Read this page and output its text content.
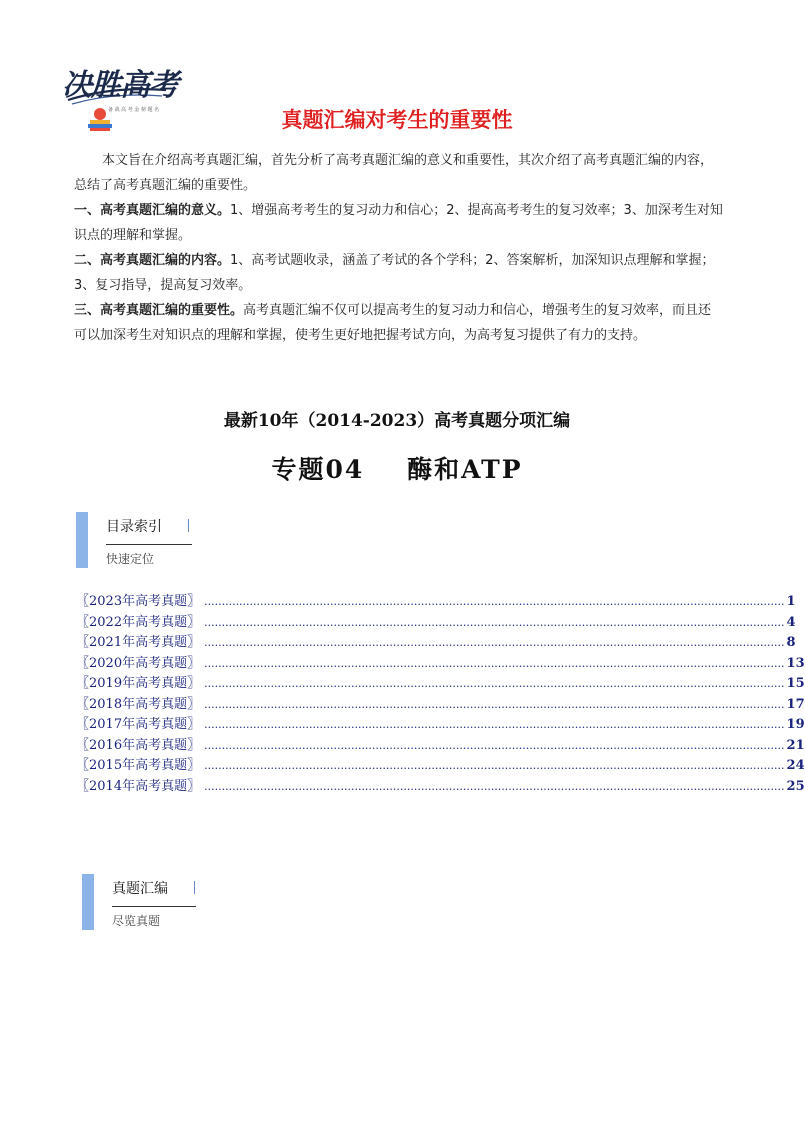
决胜高考
备 战 高 考 金 榜 题 名	真题汇编对考生的重要性

本文旨在介绍高考真题汇编，首先分析了高考真题汇编的意义和重要性，其次介绍了高考真题汇编的内容，总结了高考真题汇编的重要性。

一、高考真题汇编的意义。1、增强高考考生的复习动力和信心；2、提高高考考生的复习效率；3、加深考生对知识点的理解和掌握。

二、高考真题汇编的内容。1、高考试题收录，涵盖了考试的各个学科；2、答案解析，加深知识点理解和掌握；3、复习指导，提高复习效率。

三、高考真题汇编的重要性。高考真题汇编不仅可以提高考生的复习动力和信心，增强考生的复习效率，而且还可以加深考生对知识点的理解和掌握，使考生更好地把握考试方向，为高考复习提供了有力的支持。

最新10年（2014-2023）高考真题分项汇编
专题04    酶和ATP
目录索引
快速定位
〖2023年高考真题〗 ...................................................................................................................................................................... 1
〖2022年高考真题〗 ...................................................................................................................................................................... 4
〖2021年高考真题〗 ...................................................................................................................................................................... 8
〖2020年高考真题〗 ...................................................................................................................................................................... 13
〖2019年高考真题〗 ...................................................................................................................................................................... 15
〖2018年高考真题〗 ...................................................................................................................................................................... 17
〖2017年高考真题〗 ...................................................................................................................................................................... 19
〖2016年高考真题〗 ...................................................................................................................................................................... 21
〖2015年高考真题〗 ...................................................................................................................................................................... 24
〖2014年高考真题〗 ...................................................................................................................................................................... 25
真题汇编
尽览真题
